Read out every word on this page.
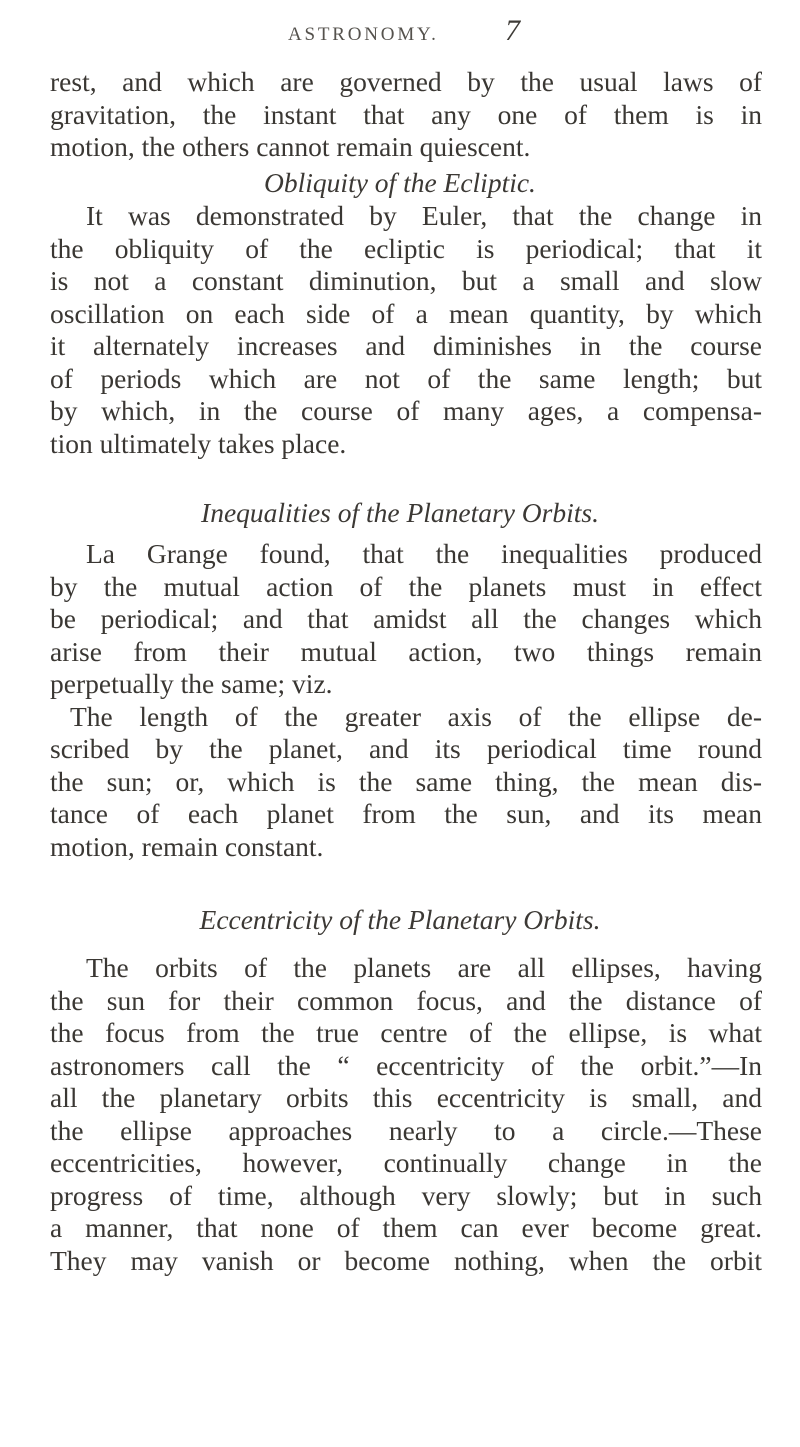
ASTRONOMY. 7
rest, and which are governed by the usual laws of
gravitation, the instant that any one of them is in
motion, the others cannot remain quiescent.
Obliquity of the Ecliptic.
It was demonstrated by Euler, that the change in
the obliquity of the ecliptic is periodical; that it
is not a constant diminution, but a small and slow
oscillation on each side of a mean quantity, by which
it alternately increases and diminishes in the course
of periods which are not of the same length; but
by which, in the course of many ages, a compensa-
tion ultimately takes place.
Inequalities of the Planetary Orbits.
La Grange found, that the inequalities produced
by the mutual action of the planets must in effect
be periodical; and that amidst all the changes which
arise from their mutual action, two things remain
perpetually the same; viz.
The length of the greater axis of the ellipse de-
scribed by the planet, and its periodical time round
the sun; or, which is the same thing, the mean dis-
tance of each planet from the sun, and its mean
motion, remain constant.
Eccentricity of the Planetary Orbits.
The orbits of the planets are all ellipses, having
the sun for their common focus, and the distance of
the focus from the true centre of the ellipse, is what
astronomers call the “ eccentricity of the orbit.”—In
all the planetary orbits this eccentricity is small, and
the ellipse approaches nearly to a circle.—These
eccentricities, however, continually change in the
progress of time, although very slowly; but in such
a manner, that none of them can ever become great.
They may vanish or become nothing, when the orbit
